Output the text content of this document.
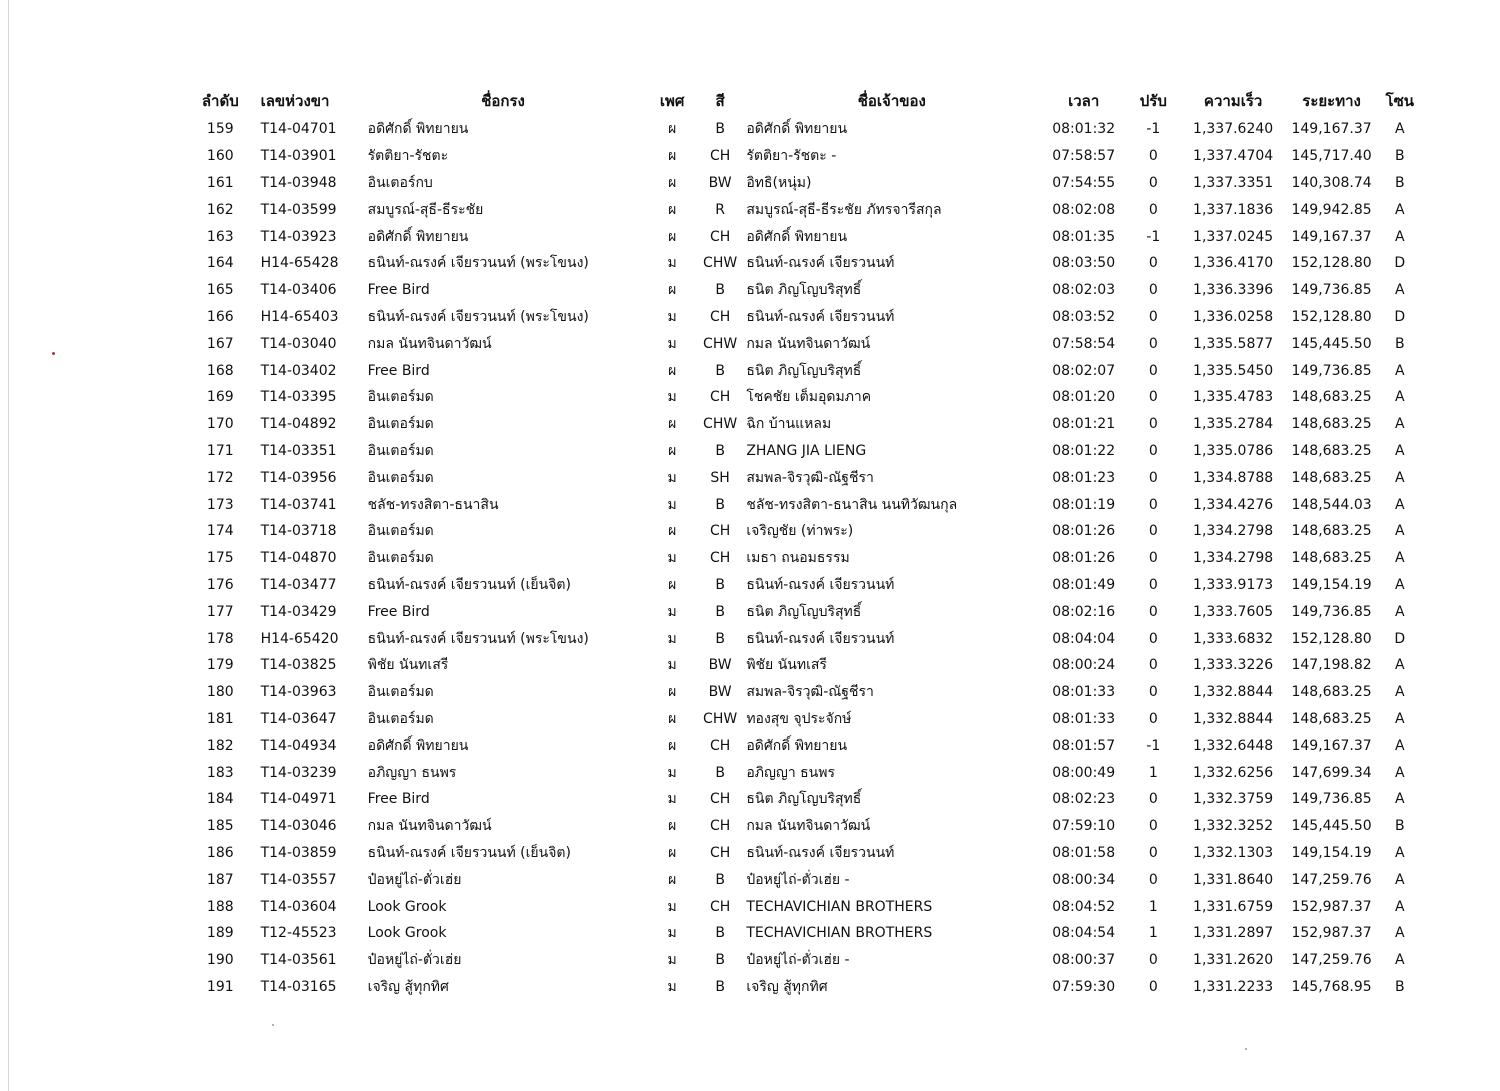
ลำดับ	เลขห่วงขา	ชื่อกรง	เพศ	สี	ชื่อเจ้าของ	เวลา	ปรับ	ความเร็ว	ระยะทาง	โซน
159	T14-04701	อดิศักดิ์ พิทยายน	ผ	B	อดิศักดิ์ พิทยายน	08:01:32	-1	1,337.6240	149,167.37	A
160	T14-03901	รัตติยา-รัชตะ	ผ	CH	รัตติยา-รัชตะ -	07:58:57	0	1,337.4704	145,717.40	B
161	T14-03948	อินเตอร์กบ	ผ	BW	อิทธิ(หนุ่ม)	07:54:55	0	1,337.3351	140,308.74	B
162	T14-03599	สมบูรณ์-สุธี-ธีระชัย	ผ	R	สมบูรณ์-สุธี-ธีระชัย ภัทรจารีสกุล	08:02:08	0	1,337.1836	149,942.85	A
163	T14-03923	อดิศักดิ์ พิทยายน	ผ	CH	อดิศักดิ์ พิทยายน	08:01:35	-1	1,337.0245	149,167.37	A
164	H14-65428	ธนินท์-ณรงค์ เจียรวนนท์ (พระโขนง)	ม	CHW	ธนินท์-ณรงค์ เจียรวนนท์	08:03:50	0	1,336.4170	152,128.80	D
165	T14-03406	Free Bird	ผ	B	ธนิต ภิญโญบริสุทธิ์	08:02:03	0	1,336.3396	149,736.85	A
166	H14-65403	ธนินท์-ณรงค์ เจียรวนนท์ (พระโขนง)	ม	CH	ธนินท์-ณรงค์ เจียรวนนท์	08:03:52	0	1,336.0258	152,128.80	D
167	T14-03040	กมล นันทจินดาวัฒน์	ม	CHW	กมล นันทจินดาวัฒน์	07:58:54	0	1,335.5877	145,445.50	B
168	T14-03402	Free Bird	ผ	B	ธนิต ภิญโญบริสุทธิ์	08:02:07	0	1,335.5450	149,736.85	A
169	T14-03395	อินเตอร์มด	ม	CH	โชคชัย เต็มอุดมภาค	08:01:20	0	1,335.4783	148,683.25	A
170	T14-04892	อินเตอร์มด	ผ	CHW	ฉิก บ้านแหลม	08:01:21	0	1,335.2784	148,683.25	A
171	T14-03351	อินเตอร์มด	ผ	B	ZHANG JIA LIENG	08:01:22	0	1,335.0786	148,683.25	A
172	T14-03956	อินเตอร์มด	ม	SH	สมพล-จิรวุฒิ-ณัฐชีรา	08:01:23	0	1,334.8788	148,683.25	A
173	T14-03741	ชลัช-ทรงสิตา-ธนาสิน	ม	B	ชลัช-ทรงสิตา-ธนาสิน นนทิวัฒนกุล	08:01:19	0	1,334.4276	148,544.03	A
174	T14-03718	อินเตอร์มด	ผ	CH	เจริญชัย (ท่าพระ)	08:01:26	0	1,334.2798	148,683.25	A
175	T14-04870	อินเตอร์มด	ม	CH	เมธา ถนอมธรรม	08:01:26	0	1,334.2798	148,683.25	A
176	T14-03477	ธนินท์-ณรงค์ เจียรวนนท์ (เย็นจิต)	ผ	B	ธนินท์-ณรงค์ เจียรวนนท์	08:01:49	0	1,333.9173	149,154.19	A
177	T14-03429	Free Bird	ม	B	ธนิต ภิญโญบริสุทธิ์	08:02:16	0	1,333.7605	149,736.85	A
178	H14-65420	ธนินท์-ณรงค์ เจียรวนนท์ (พระโขนง)	ม	B	ธนินท์-ณรงค์ เจียรวนนท์	08:04:04	0	1,333.6832	152,128.80	D
179	T14-03825	พิชัย นันทเสรี	ม	BW	พิชัย นันทเสรี	08:00:24	0	1,333.3226	147,198.82	A
180	T14-03963	อินเตอร์มด	ผ	BW	สมพล-จิรวุฒิ-ณัฐชีรา	08:01:33	0	1,332.8844	148,683.25	A
181	T14-03647	อินเตอร์มด	ผ	CHW	ทองสุข จุประจักษ์	08:01:33	0	1,332.8844	148,683.25	A
182	T14-04934	อดิศักดิ์ พิทยายน	ผ	CH	อดิศักดิ์ พิทยายน	08:01:57	-1	1,332.6448	149,167.37	A
183	T14-03239	อภิญญา ธนพร	ม	B	อภิญญา ธนพร	08:00:49	1	1,332.6256	147,699.34	A
184	T14-04971	Free Bird	ม	CH	ธนิต ภิญโญบริสุทธิ์	08:02:23	0	1,332.3759	149,736.85	A
185	T14-03046	กมล นันทจินดาวัฒน์	ผ	CH	กมล นันทจินดาวัฒน์	07:59:10	0	1,332.3252	145,445.50	B
186	T14-03859	ธนินท์-ณรงค์ เจียรวนนท์ (เย็นจิต)	ผ	CH	ธนินท์-ณรงค์ เจียรวนนท์	08:01:58	0	1,332.1303	149,154.19	A
187	T14-03557	ป๋อหยู่ไถ่-ตั่วเฮ่ย	ผ	B	ป๋อหยู่ไถ่-ตั่วเฮ่ย -	08:00:34	0	1,331.8640	147,259.76	A
188	T14-03604	Look Grook	ม	CH	TECHAVICHIAN BROTHERS	08:04:52	1	1,331.6759	152,987.37	A
189	T12-45523	Look Grook	ม	B	TECHAVICHIAN BROTHERS	08:04:54	1	1,331.2897	152,987.37	A
190	T14-03561	ป๋อหยู่ไถ่-ตั่วเฮ่ย	ม	B	ป๋อหยู่ไถ่-ตั่วเฮ่ย -	08:00:37	0	1,331.2620	147,259.76	A
191	T14-03165	เจริญ สู้ทุกทิศ	ม	B	เจริญ สู้ทุกทิศ	07:59:30	0	1,331.2233	145,768.95	B
